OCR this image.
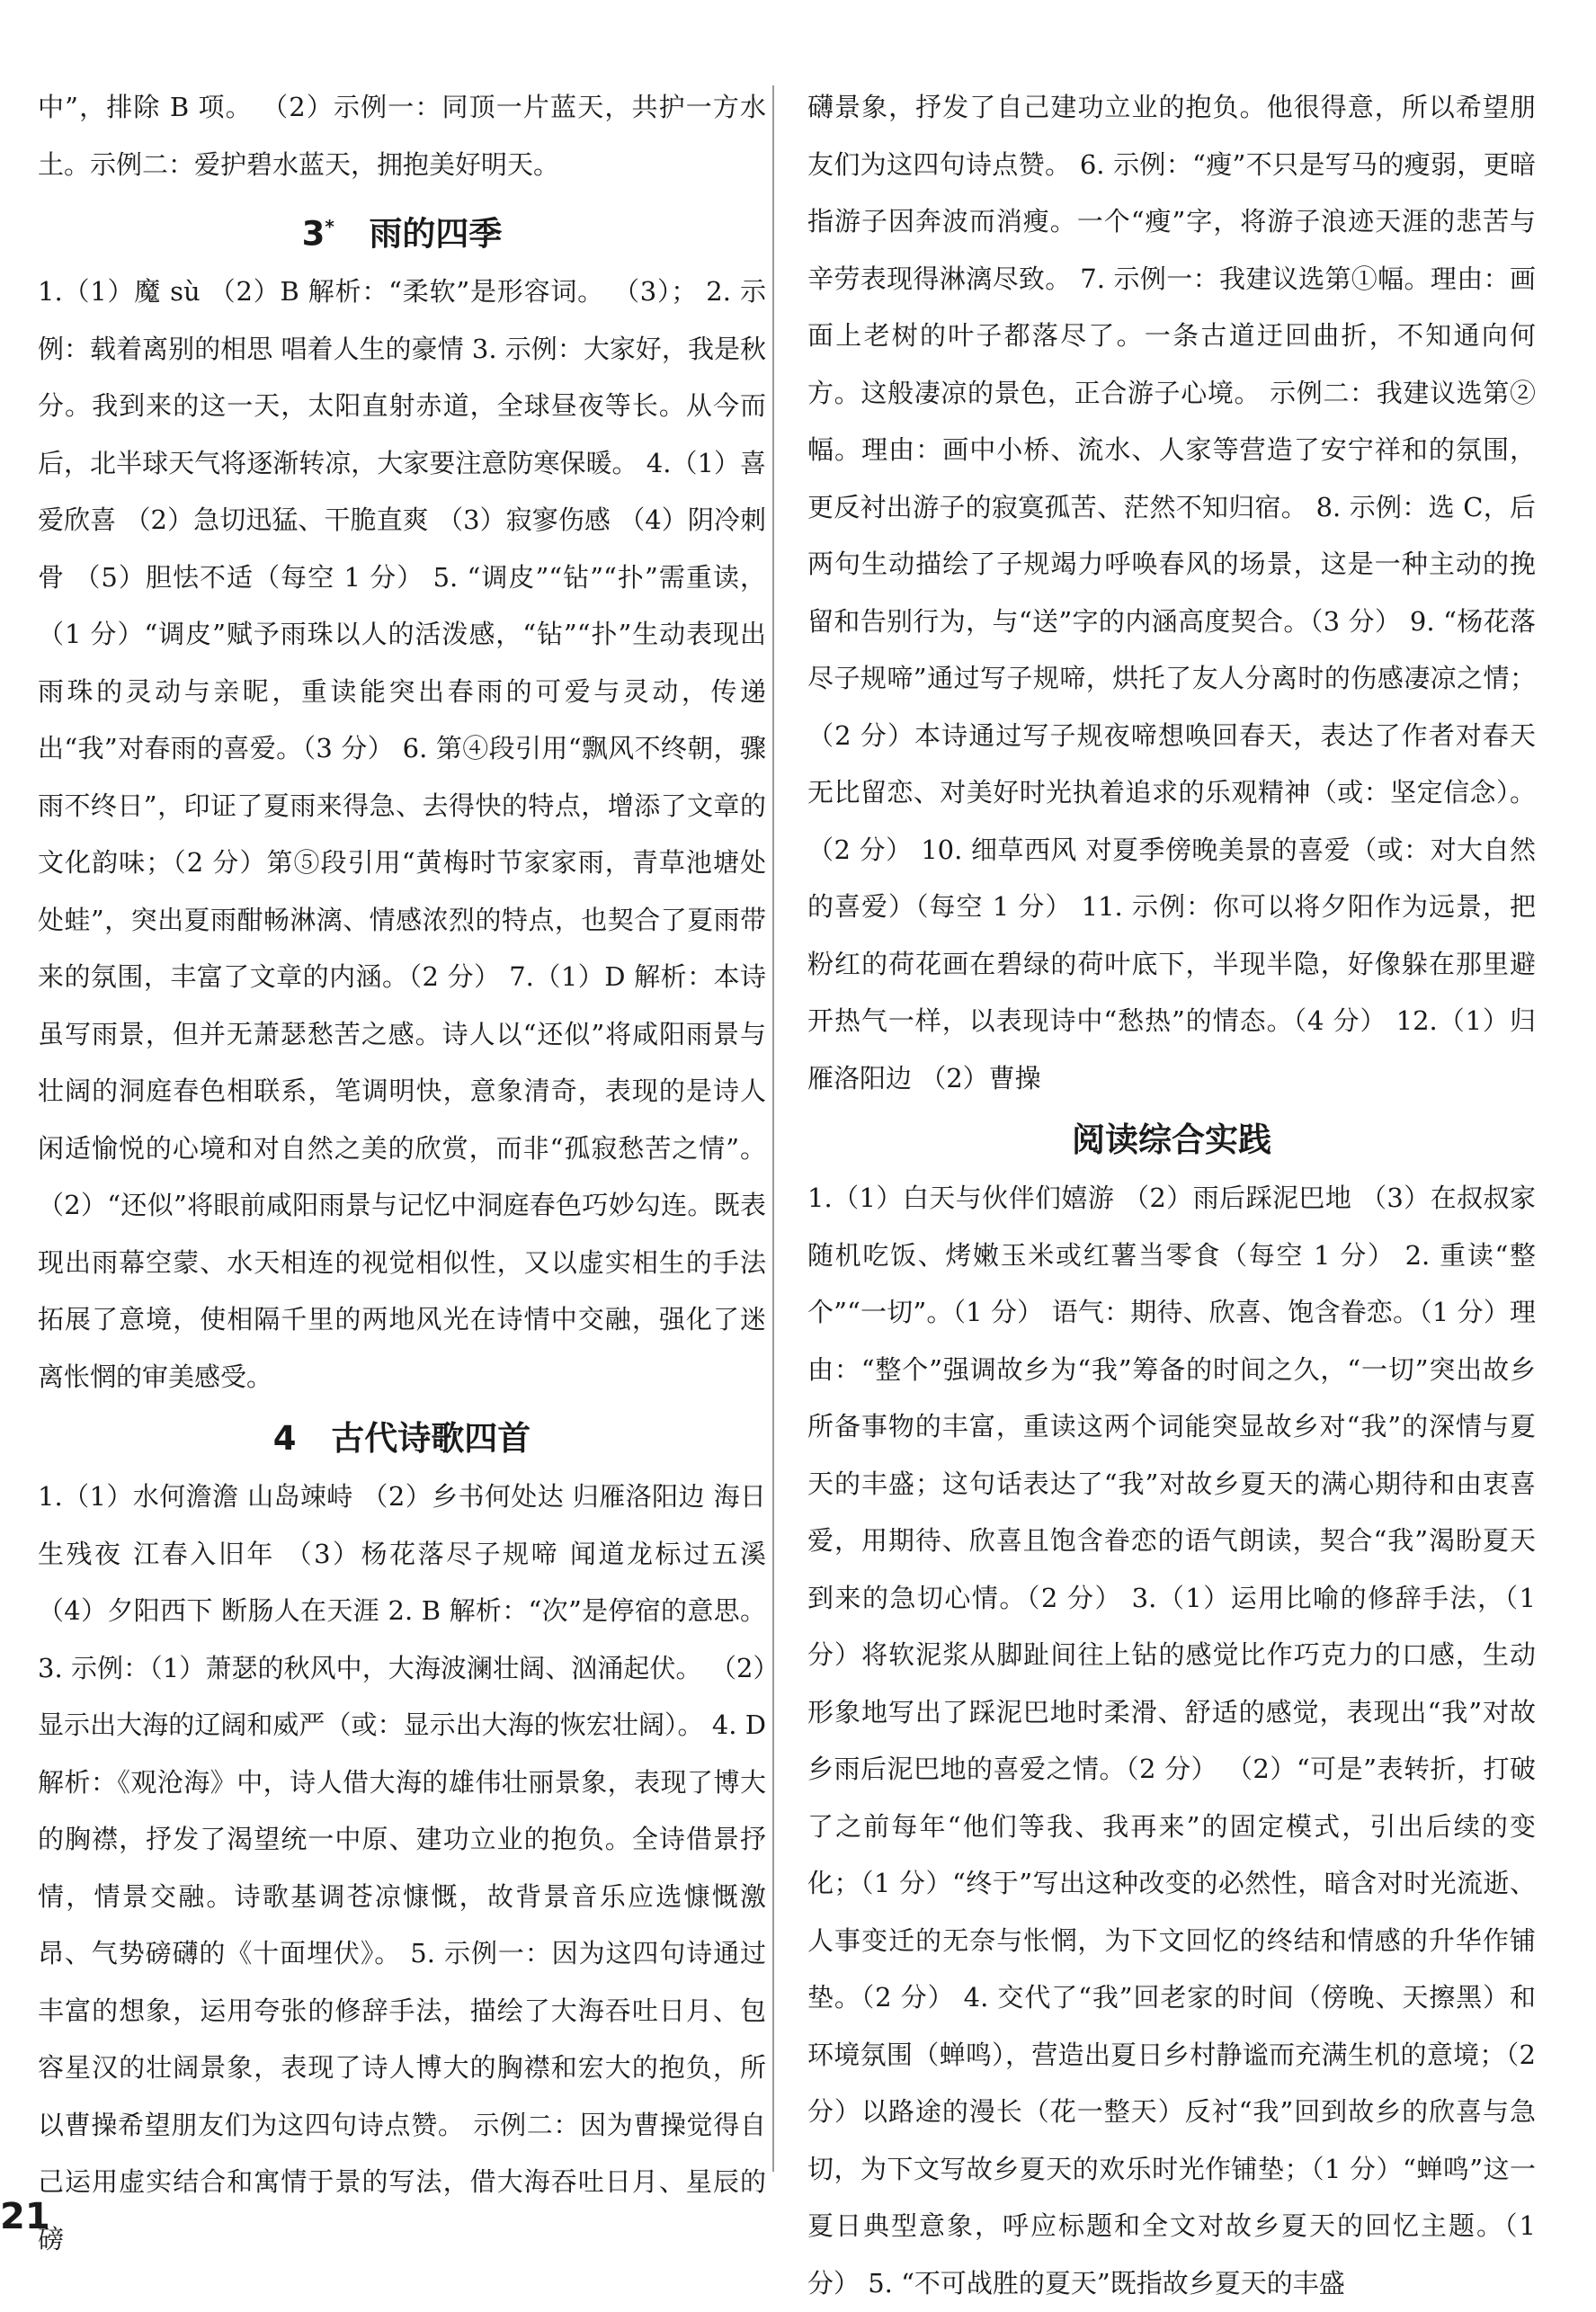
中”，排除 B 项。 （2）示例一：同顶一片蓝天，共护一方水土。示例二：爱护碧水蓝天，拥抱美好明天。

3* 雨的四季

1.（1）魔 sù （2）B 解析：“柔软”是形容词。 （3）； 2. 示例：载着离别的相思 唱着人生的豪情 3. 示例：大家好，我是秋分。我到来的这一天，太阳直射赤道，全球昼夜等长。从今而后，北半球天气将逐渐转凉，大家要注意防寒保暖。 4.（1）喜爱欣喜 （2）急切迅猛、干脆直爽 （3）寂寥伤感 （4）阴冷刺骨 （5）胆怯不适（每空 1 分） 5. “调皮”“钻”“扑”需重读，（1 分）“调皮”赋予雨珠以人的活泼感，“钻”“扑”生动表现出雨珠的灵动与亲昵，重读能突出春雨的可爱与灵动，传递出“我”对春雨的喜爱。（3 分） 6. 第④段引用“飘风不终朝，骤雨不终日”，印证了夏雨来得急、去得快的特点，增添了文章的文化韵味；（2 分）第⑤段引用“黄梅时节家家雨，青草池塘处处蛙”，突出夏雨酣畅淋漓、情感浓烈的特点，也契合了夏雨带来的氛围，丰富了文章的内涵。（2 分） 7.（1）D 解析：本诗虽写雨景，但并无萧瑟愁苦之感。诗人以“还似”将咸阳雨景与壮阔的洞庭春色相联系，笔调明快，意象清奇，表现的是诗人闲适愉悦的心境和对自然之美的欣赏，而非“孤寂愁苦之情”。 （2）“还似”将眼前咸阳雨景与记忆中洞庭春色巧妙勾连。既表现出雨幕空蒙、水天相连的视觉相似性，又以虚实相生的手法拓展了意境，使相隔千里的两地风光在诗情中交融，强化了迷离怅惘的审美感受。

4 古代诗歌四首

1.（1）水何澹澹 山岛竦峙 （2）乡书何处达 归雁洛阳边 海日生残夜 江春入旧年 （3）杨花落尽子规啼 闻道龙标过五溪 （4）夕阳西下 断肠人在天涯 2. B 解析：“次”是停宿的意思。 3. 示例：（1）萧瑟的秋风中，大海波澜壮阔、汹涌起伏。 （2）显示出大海的辽阔和威严（或：显示出大海的恢宏壮阔）。 4. D 解析：《观沧海》中，诗人借大海的雄伟壮丽景象，表现了博大的胸襟，抒发了渴望统一中原、建功立业的抱负。全诗借景抒情，情景交融。诗歌基调苍凉慷慨，故背景音乐应选慷慨激昂、气势磅礴的《十面埋伏》。 5. 示例一：因为这四句诗通过丰富的想象，运用夸张的修辞手法，描绘了大海吞吐日月、包容星汉的壮阔景象，表现了诗人博大的胸襟和宏大的抱负，所以曹操希望朋友们为这四句诗点赞。 示例二：因为曹操觉得自己运用虚实结合和寓情于景的写法，借大海吞吐日月、星辰的磅

礴景象，抒发了自己建功立业的抱负。他很得意，所以希望朋友们为这四句诗点赞。 6. 示例：“瘦”不只是写马的瘦弱，更暗指游子因奔波而消瘦。一个“瘦”字，将游子浪迹天涯的悲苦与辛劳表现得淋漓尽致。 7. 示例一：我建议选第①幅。理由：画面上老树的叶子都落尽了。一条古道迂回曲折，不知通向何方。这般凄凉的景色，正合游子心境。 示例二：我建议选第②幅。理由：画中小桥、流水、人家等营造了安宁祥和的氛围，更反衬出游子的寂寞孤苦、茫然不知归宿。 8. 示例：选 C，后两句生动描绘了子规竭力呼唤春风的场景，这是一种主动的挽留和告别行为，与“送”字的内涵高度契合。（3 分） 9. “杨花落尽子规啼”通过写子规啼，烘托了友人分离时的伤感凄凉之情；（2 分）本诗通过写子规夜啼想唤回春天，表达了作者对春天无比留恋、对美好时光执着追求的乐观精神（或：坚定信念）。（2 分） 10. 细草西风 对夏季傍晚美景的喜爱（或：对大自然的喜爱）（每空 1 分） 11. 示例：你可以将夕阳作为远景，把粉红的荷花画在碧绿的荷叶底下，半现半隐，好像躲在那里避开热气一样，以表现诗中“愁热”的情态。（4 分） 12.（1）归雁洛阳边 （2）曹操

阅读综合实践

1.（1）白天与伙伴们嬉游 （2）雨后踩泥巴地 （3）在叔叔家随机吃饭、烤嫩玉米或红薯当零食（每空 1 分） 2. 重读“整个”“一切”。（1 分） 语气：期待、欣喜、饱含眷恋。（1 分）理由：“整个”强调故乡为“我”筹备的时间之久，“一切”突出故乡所备事物的丰富，重读这两个词能突显故乡对“我”的深情与夏天的丰盛；这句话表达了“我”对故乡夏天的满心期待和由衷喜爱，用期待、欣喜且饱含眷恋的语气朗读，契合“我”渴盼夏天到来的急切心情。（2 分） 3.（1）运用比喻的修辞手法，（1 分）将软泥浆从脚趾间往上钻的感觉比作巧克力的口感，生动形象地写出了踩泥巴地时柔滑、舒适的感觉，表现出“我”对故乡雨后泥巴地的喜爱之情。（2 分） （2）“可是”表转折，打破了之前每年“他们等我、我再来”的固定模式，引出后续的变化；（1 分）“终于”写出这种改变的必然性，暗含对时光流逝、人事变迁的无奈与怅惘，为下文回忆的终结和情感的升华作铺垫。（2 分） 4. 交代了“我”回老家的时间（傍晚、天擦黑）和环境氛围（蝉鸣），营造出夏日乡村静谧而充满生机的意境；（2 分）以路途的漫长（花一整天）反衬“我”回到故乡的欣喜与急切，为下文写故乡夏天的欢乐时光作铺垫；（1 分）“蝉鸣”这一夏日典型意象，呼应标题和全文对故乡夏天的回忆主题。（1 分） 5. “不可战胜的夏天”既指故乡夏天的丰盛

21
